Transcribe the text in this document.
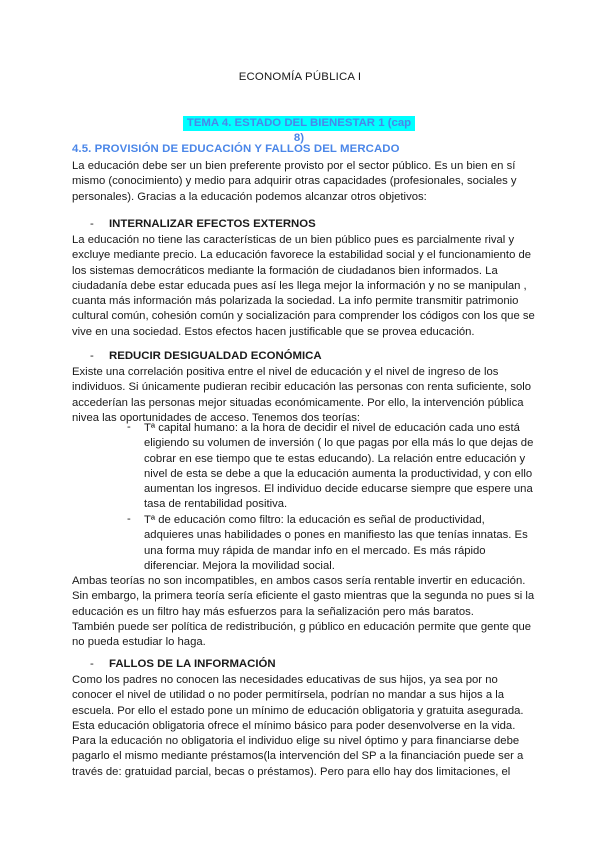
ECONOMÍA PÚBLICA I
TEMA 4. ESTADO DEL BIENESTAR 1 (cap 8)
4.5. PROVISIÓN DE EDUCACIÓN Y FALLOS DEL MERCADO

La educación debe ser un bien preferente provisto por el sector público. Es un bien en sí

mismo (conocimiento) y medio para adquirir otras capacidades (profesionales, sociales y

personales). Gracias a la educación podemos alcanzar otros objetivos:

- INTERNALIZAR EFECTOS EXTERNOS

La educación no tiene las características de un bien público pues es parcialmente rival y

excluye mediante precio. La educación favorece la estabilidad social y el funcionamiento de

los sistemas democráticos mediante la formación de ciudadanos bien informados. La

ciudadanía debe estar educada pues así les llega mejor la información y no se manipulan ,

cuanta más información más polarizada la sociedad. La info permite transmitir patrimonio

cultural común, cohesión común y socialización para comprender los códigos con los que se

vive en una sociedad. Estos efectos hacen justificable que se provea educación.

- REDUCIR DESIGUALDAD ECONÓMICA

Existe una correlación positiva entre el nivel de educación y el nivel de ingreso de los

individuos. Si únicamente pudieran recibir educación las personas con renta suficiente, solo

accederían las personas mejor situadas económicamente. Por ello, la intervención pública

nivea las oportunidades de acceso. Tenemos dos teorías:

- Tª capital humano: a la hora de decidir el nivel de educación cada uno está

eligiendo su volumen de inversión ( lo que pagas por ella más lo que dejas de

cobrar en ese tiempo que te estas educando). La relación entre educación y

nivel de esta se debe a que la educación aumenta la productividad, y con ello

aumentan los ingresos. El individuo decide educarse siempre que espere una

tasa de rentabilidad positiva.

- Tª de educación como filtro: la educación es señal de productividad,

adquieres unas habilidades o pones en manifiesto las que tenías innatas. Es

una forma muy rápida de mandar info en el mercado. Es más rápido

diferenciar. Mejora la movilidad social.

Ambas teorías no son incompatibles, en ambos casos sería rentable invertir en educación.

Sin embargo, la primera teoría sería eficiente el gasto mientras que la segunda no pues si la

educación es un filtro hay más esfuerzos para la señalización pero más baratos.

También puede ser política de redistribución, g público en educación permite que gente que

no pueda estudiar lo haga.

- FALLOS DE LA INFORMACIÓN

Como los padres no conocen las necesidades educativas de sus hijos, ya sea por no

conocer el nivel de utilidad o no poder permitírsela, podrían no mandar a sus hijos a la

escuela. Por ello el estado pone un mínimo de educación obligatoria y gratuita asegurada.

Esta educación obligatoria ofrece el mínimo básico para poder desenvolverse en la vida.

Para la educación no obligatoria el individuo elige su nivel óptimo y para financiarse debe

pagarlo el mismo mediante préstamos(la intervención del SP a la financiación puede ser a

través de: gratuidad parcial, becas o préstamos). Pero para ello hay dos limitaciones, el
